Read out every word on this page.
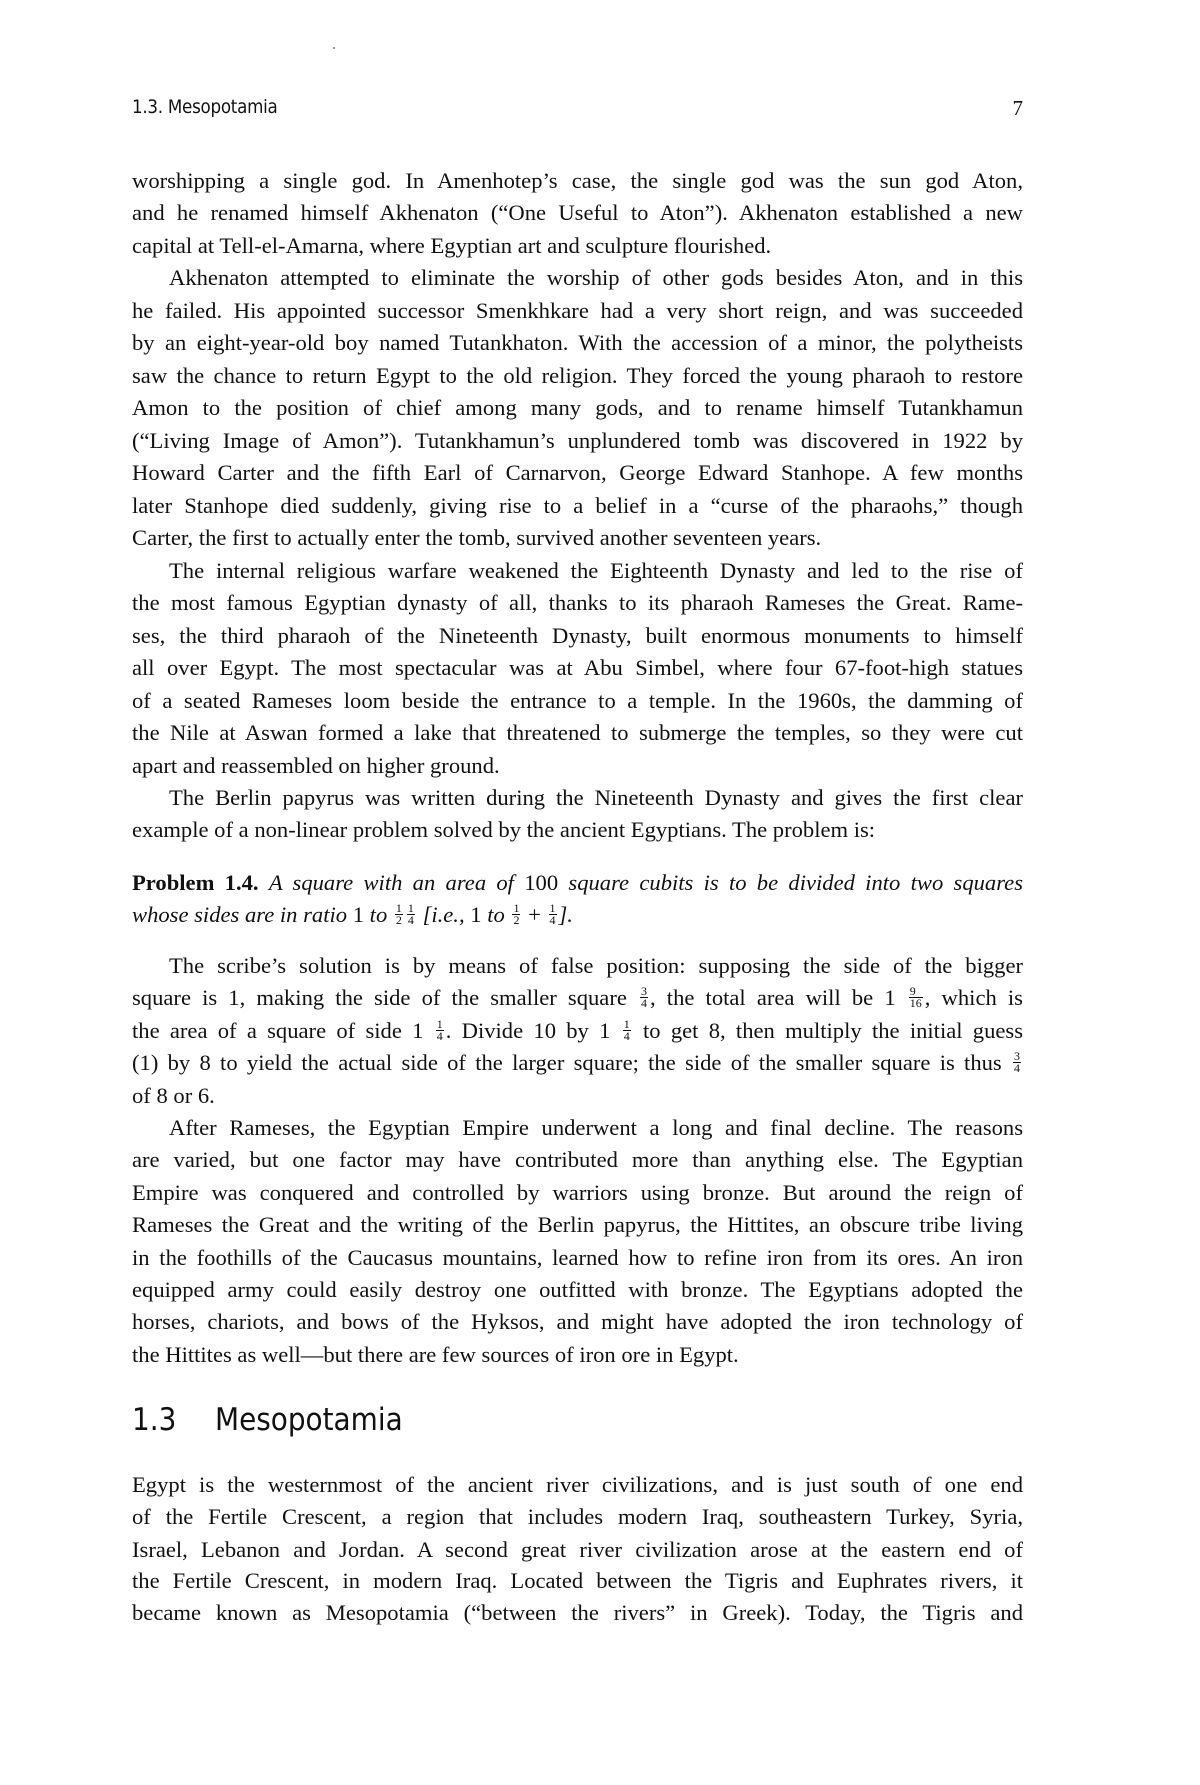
1.3. Mesopotamia	7
worshipping a single god. In Amenhotep’s case, the single god was the sun god Aton,
and he renamed himself Akhenaton (“One Useful to Aton”). Akhenaton established a new
capital at Tell-el-Amarna, where Egyptian art and sculpture flourished.
Akhenaton attempted to eliminate the worship of other gods besides Aton, and in this
he failed. His appointed successor Smenkhkare had a very short reign, and was succeeded
by an eight-year-old boy named Tutankhaton. With the accession of a minor, the polytheists
saw the chance to return Egypt to the old religion. They forced the young pharaoh to restore
Amon to the position of chief among many gods, and to rename himself Tutankhamun
(“Living Image of Amon”). Tutankhamun’s unplundered tomb was discovered in 1922 by
Howard Carter and the fifth Earl of Carnarvon, George Edward Stanhope. A few months
later Stanhope died suddenly, giving rise to a belief in a “curse of the pharaohs,” though
Carter, the first to actually enter the tomb, survived another seventeen years.
The internal religious warfare weakened the Eighteenth Dynasty and led to the rise of
the most famous Egyptian dynasty of all, thanks to its pharaoh Rameses the Great. Rame-
ses, the third pharaoh of the Nineteenth Dynasty, built enormous monuments to himself
all over Egypt. The most spectacular was at Abu Simbel, where four 67-foot-high statues
of a seated Rameses loom beside the entrance to a temple. In the 1960s, the damming of
the Nile at Aswan formed a lake that threatened to submerge the temples, so they were cut
apart and reassembled on higher ground.
The Berlin papyrus was written during the Nineteenth Dynasty and gives the first clear
example of a non-linear problem solved by the ancient Egyptians. The problem is:
Problem 1.4. A square with an area of 100 square cubits is to be divided into two squares
whose sides are in ratio 1 to $\frac{1}{2} \frac{1}{4} [i.e$., 1 to $\frac{1}{2} + \frac{1}{4}$ ].
The scribe’s solution is by means of false position: supposing the side of the bigger
square is 1, making the side of the smaller square $\frac{3}{4}$ , the total area will be $1 \frac{9}{16}$ , which is
the area of a square of side $1 \frac{1}{4}$ . Divide 10 by $1 \frac{1}{4}$ to get 8, then multiply the initial guess
(1) by 8 to yield the actual side of the larger square; the side of the smaller square is thus $\frac{3}{4}$
of 8 or 6.
After Rameses, the Egyptian Empire underwent a long and final decline. The reasons
are varied, but one factor may have contributed more than anything else. The Egyptian
Empire was conquered and controlled by warriors using bronze. But around the reign of
Rameses the Great and the writing of the Berlin papyrus, the Hittites, an obscure tribe living
in the foothills of the Caucasus mountains, learned how to refine iron from its ores. An iron
equipped army could easily destroy one outfitted with bronze. The Egyptians adopted the
horses, chariots, and bows of the Hyksos, and might have adopted the iron technology of
the Hittites as well—but there are few sources of iron ore in Egypt.
1.3 Mesopotamia
Egypt is the westernmost of the ancient river civilizations, and is just south of one end
of the Fertile Crescent, a region that includes modern Iraq, southeastern Turkey, Syria,
Israel, Lebanon and Jordan. A second great river civilization arose at the eastern end of
the Fertile Crescent, in modern Iraq. Located between the Tigris and Euphrates rivers, it
became known as Mesopotamia (“between the rivers” in Greek). Today, the Tigris and
